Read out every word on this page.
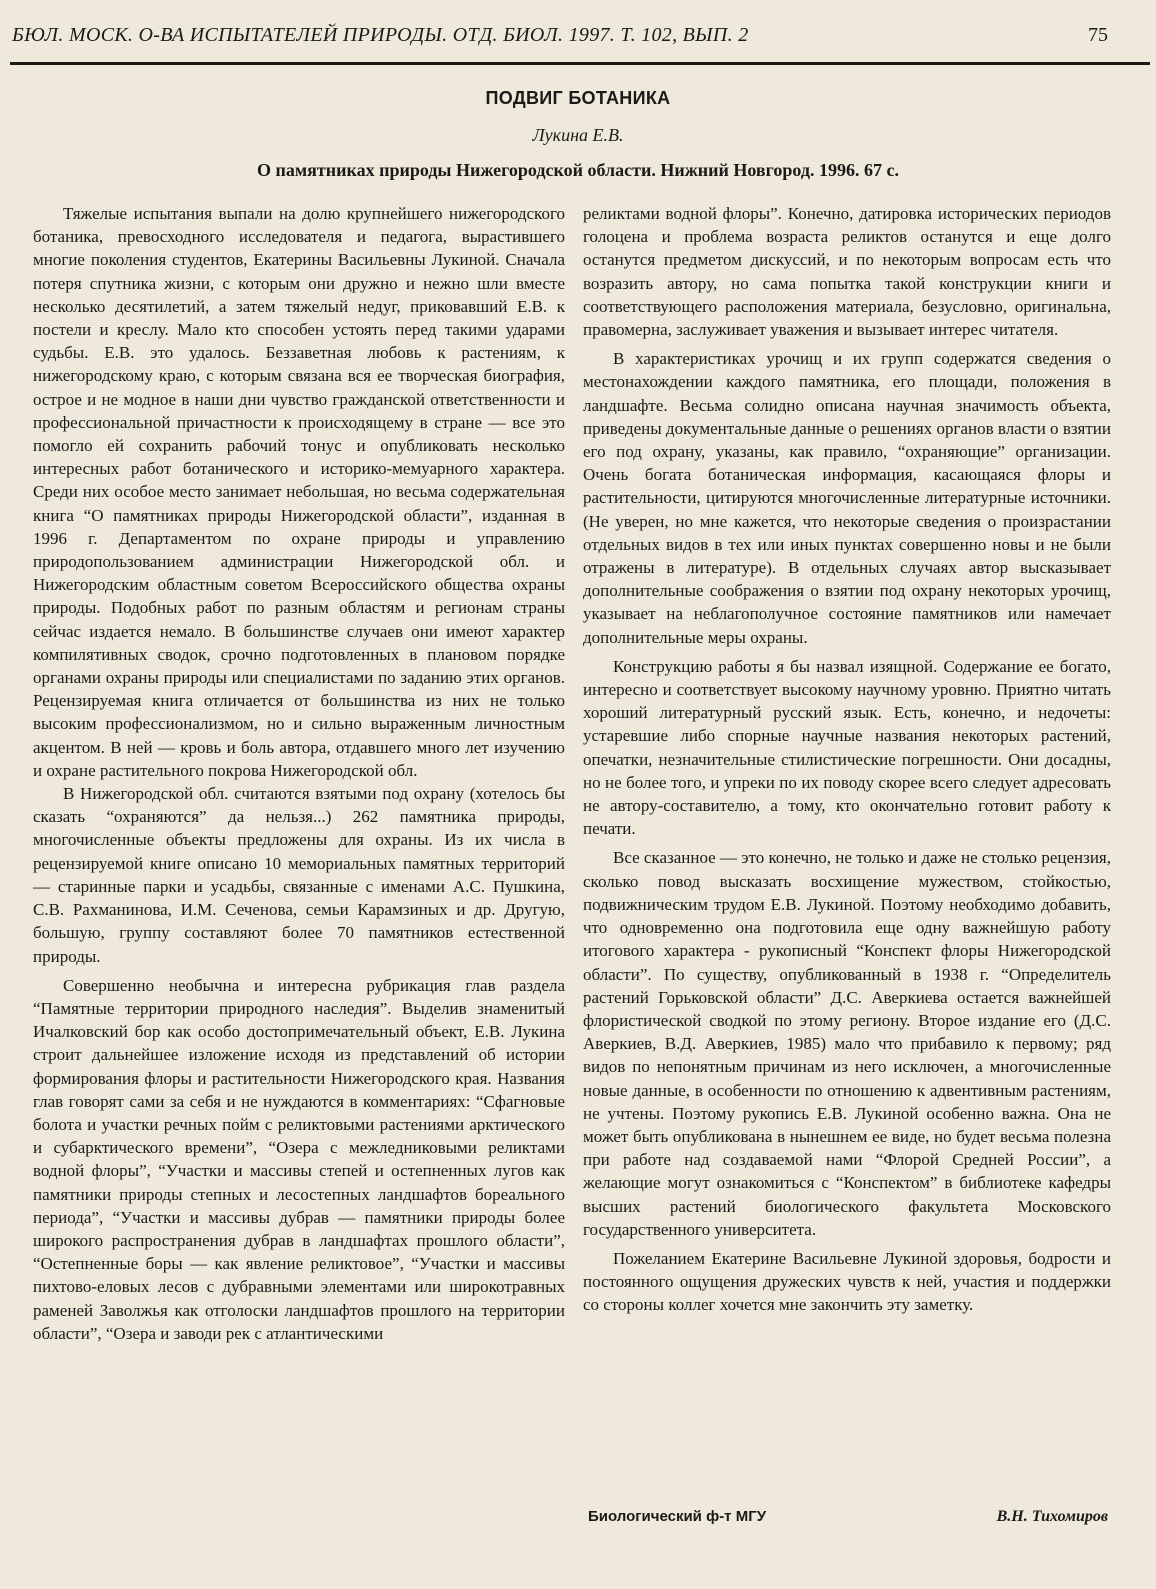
БЮЛ. МОСК. О-ВА ИСПЫТАТЕЛЕЙ ПРИРОДЫ. ОТД. БИОЛ. 1997. Т. 102, ВЫП. 2	75
ПОДВИГ БОТАНИКА
Лукина Е.В.
О памятниках природы Нижегородской области. Нижний Новгород. 1996. 67 с.

Тяжелые испытания выпали на долю крупнейшего нижегородского ботаника, превосходного исследователя и педагога, вырастившего многие поколения студентов, Екатерины Васильевны Лукиной. Сначала потеря спутника жизни, с которым они дружно и нежно шли вместе несколько десятилетий, а затем тяжелый недуг, приковавший Е.В. к постели и креслу. Мало кто способен устоять перед такими ударами судьбы. Е.В. это удалось. Беззаветная любовь к растениям, к нижегородскому краю, с которым связана вся ее творческая биография, острое и не модное в наши дни чувство гражданской ответственности и профессиональной причастности к происходящему в стране — все это помогло ей сохранить рабочий тонус и опубликовать несколько интересных работ ботанического и историко-мемуарного характера. Среди них особое место занимает небольшая, но весьма содержательная книга “О памятниках природы Нижегородской области”, изданная в 1996 г. Департаментом по охране природы и управлению природопользованием администрации Нижегородской обл. и Нижегородским областным советом Всероссийского общества охраны природы. Подобных работ по разным областям и регионам страны сейчас издается немало. В большинстве случаев они имеют характер компилятивных сводок, срочно подготовленных в плановом порядке органами охраны природы или специалистами по заданию этих органов. Рецензируемая книга отличается от большинства из них не только высоким профессионализмом, но и сильно выраженным личностным акцентом. В ней — кровь и боль автора, отдавшего много лет изучению и охране растительного покрова Нижегородской обл.

В Нижегородской обл. считаются взятыми под охрану (хотелось бы сказать “охраняются” да нельзя...) 262 памятника природы, многочисленные объекты предложены для охраны. Из их числа в рецензируемой книге описано 10 мемориальных памятных территорий — старинные парки и усадьбы, связанные с именами А.С. Пушкина, С.В. Рахманинова, И.М. Сеченова, семьи Карамзиных и др. Другую, большую, группу составляют более 70 памятников естественной природы.

Совершенно необычна и интересна рубрикация глав раздела “Памятные территории природного наследия”. Выделив знаменитый Ичалковский бор как особо достопримечательный объект, Е.В. Лукина строит дальнейшее изложение исходя из представлений об истории формирования флоры и растительности Нижегородского края. Названия глав говорят сами за себя и не нуждаются в комментариях: “Сфагновые болота и участки речных пойм с реликтовыми растениями арктического и субарктического времени”, “Озера с межледниковыми реликтами водной флоры”, “Участки и массивы степей и остепненных лугов как памятники природы степных и лесостепных ландшафтов бореального периода”, “Участки и массивы дубрав — памятники природы более широкого распространения дубрав в ландшафтах прошлого области”, “Остепненные боры — как явление реликтовое”, “Участки и массивы пихтово-еловых лесов с дубравными элементами или широкотравных раменей Заволжья как отголоски ландшафтов прошлого на территории области”, “Озера и заводи рек с атлантическими

реликтами водной флоры”. Конечно, датировка исторических периодов голоцена и проблема возраста реликтов останутся и еще долго останутся предметом дискуссий, и по некоторым вопросам есть что возразить автору, но сама попытка такой конструкции книги и соответствующего расположения материала, безусловно, оригинальна, правомерна, заслуживает уважения и вызывает интерес читателя.

В характеристиках урочищ и их групп содержатся сведения о местонахождении каждого памятника, его площади, положения в ландшафте. Весьма солидно описана научная значимость объекта, приведены документальные данные о решениях органов власти о взятии его под охрану, указаны, как правило, “охраняющие” организации. Очень богата ботаническая информация, касающаяся флоры и растительности, цитируются многочисленные литературные источники. (Не уверен, но мне кажется, что некоторые сведения о произрастании отдельных видов в тех или иных пунктах совершенно новы и не были отражены в литературе). В отдельных случаях автор высказывает дополнительные соображения о взятии под охрану некоторых урочищ, указывает на неблагополучное состояние памятников или намечает дополнительные меры охраны.

Конструкцию работы я бы назвал изящной. Содержание ее богато, интересно и соответствует высокому научному уровню. Приятно читать хороший литературный русский язык. Есть, конечно, и недочеты: устаревшие либо спорные научные названия некоторых растений, опечатки, незначительные стилистические погрешности. Они досадны, но не более того, и упреки по их поводу скорее всего следует адресовать не автору-составителю, а тому, кто окончательно готовит работу к печати.

Все сказанное — это конечно, не только и даже не столько рецензия, сколько повод высказать восхищение мужеством, стойкостью, подвижническим трудом Е.В. Лукиной. Поэтому необходимо добавить, что одновременно она подготовила еще одну важнейшую работу итогового характера - рукописный “Конспект флоры Нижегородской области”. По существу, опубликованный в 1938 г. “Определитель растений Горьковской области” Д.С. Аверкиева остается важнейшей флористической сводкой по этому региону. Второе издание его (Д.С. Аверкиев, В.Д. Аверкиев, 1985) мало что прибавило к первому; ряд видов по непонятным причинам из него исключен, а многочисленные новые данные, в особенности по отношению к адвентивным растениям, не учтены. Поэтому рукопись Е.В. Лукиной особенно важна. Она не может быть опубликована в нынешнем ее виде, но будет весьма полезна при работе над создаваемой нами “Флорой Средней России”, а желающие могут ознакомиться с “Конспектом” в библиотеке кафедры высших растений биологического факультета Московского государственного университета.

Пожеланием Екатерине Васильевне Лукиной здоровья, бодрости и постоянного ощущения дружеских чувств к ней, участия и поддержки со стороны коллег хочется мне закончить эту заметку.

Биологический ф-т МГУ	В.Н. Тихомиров
